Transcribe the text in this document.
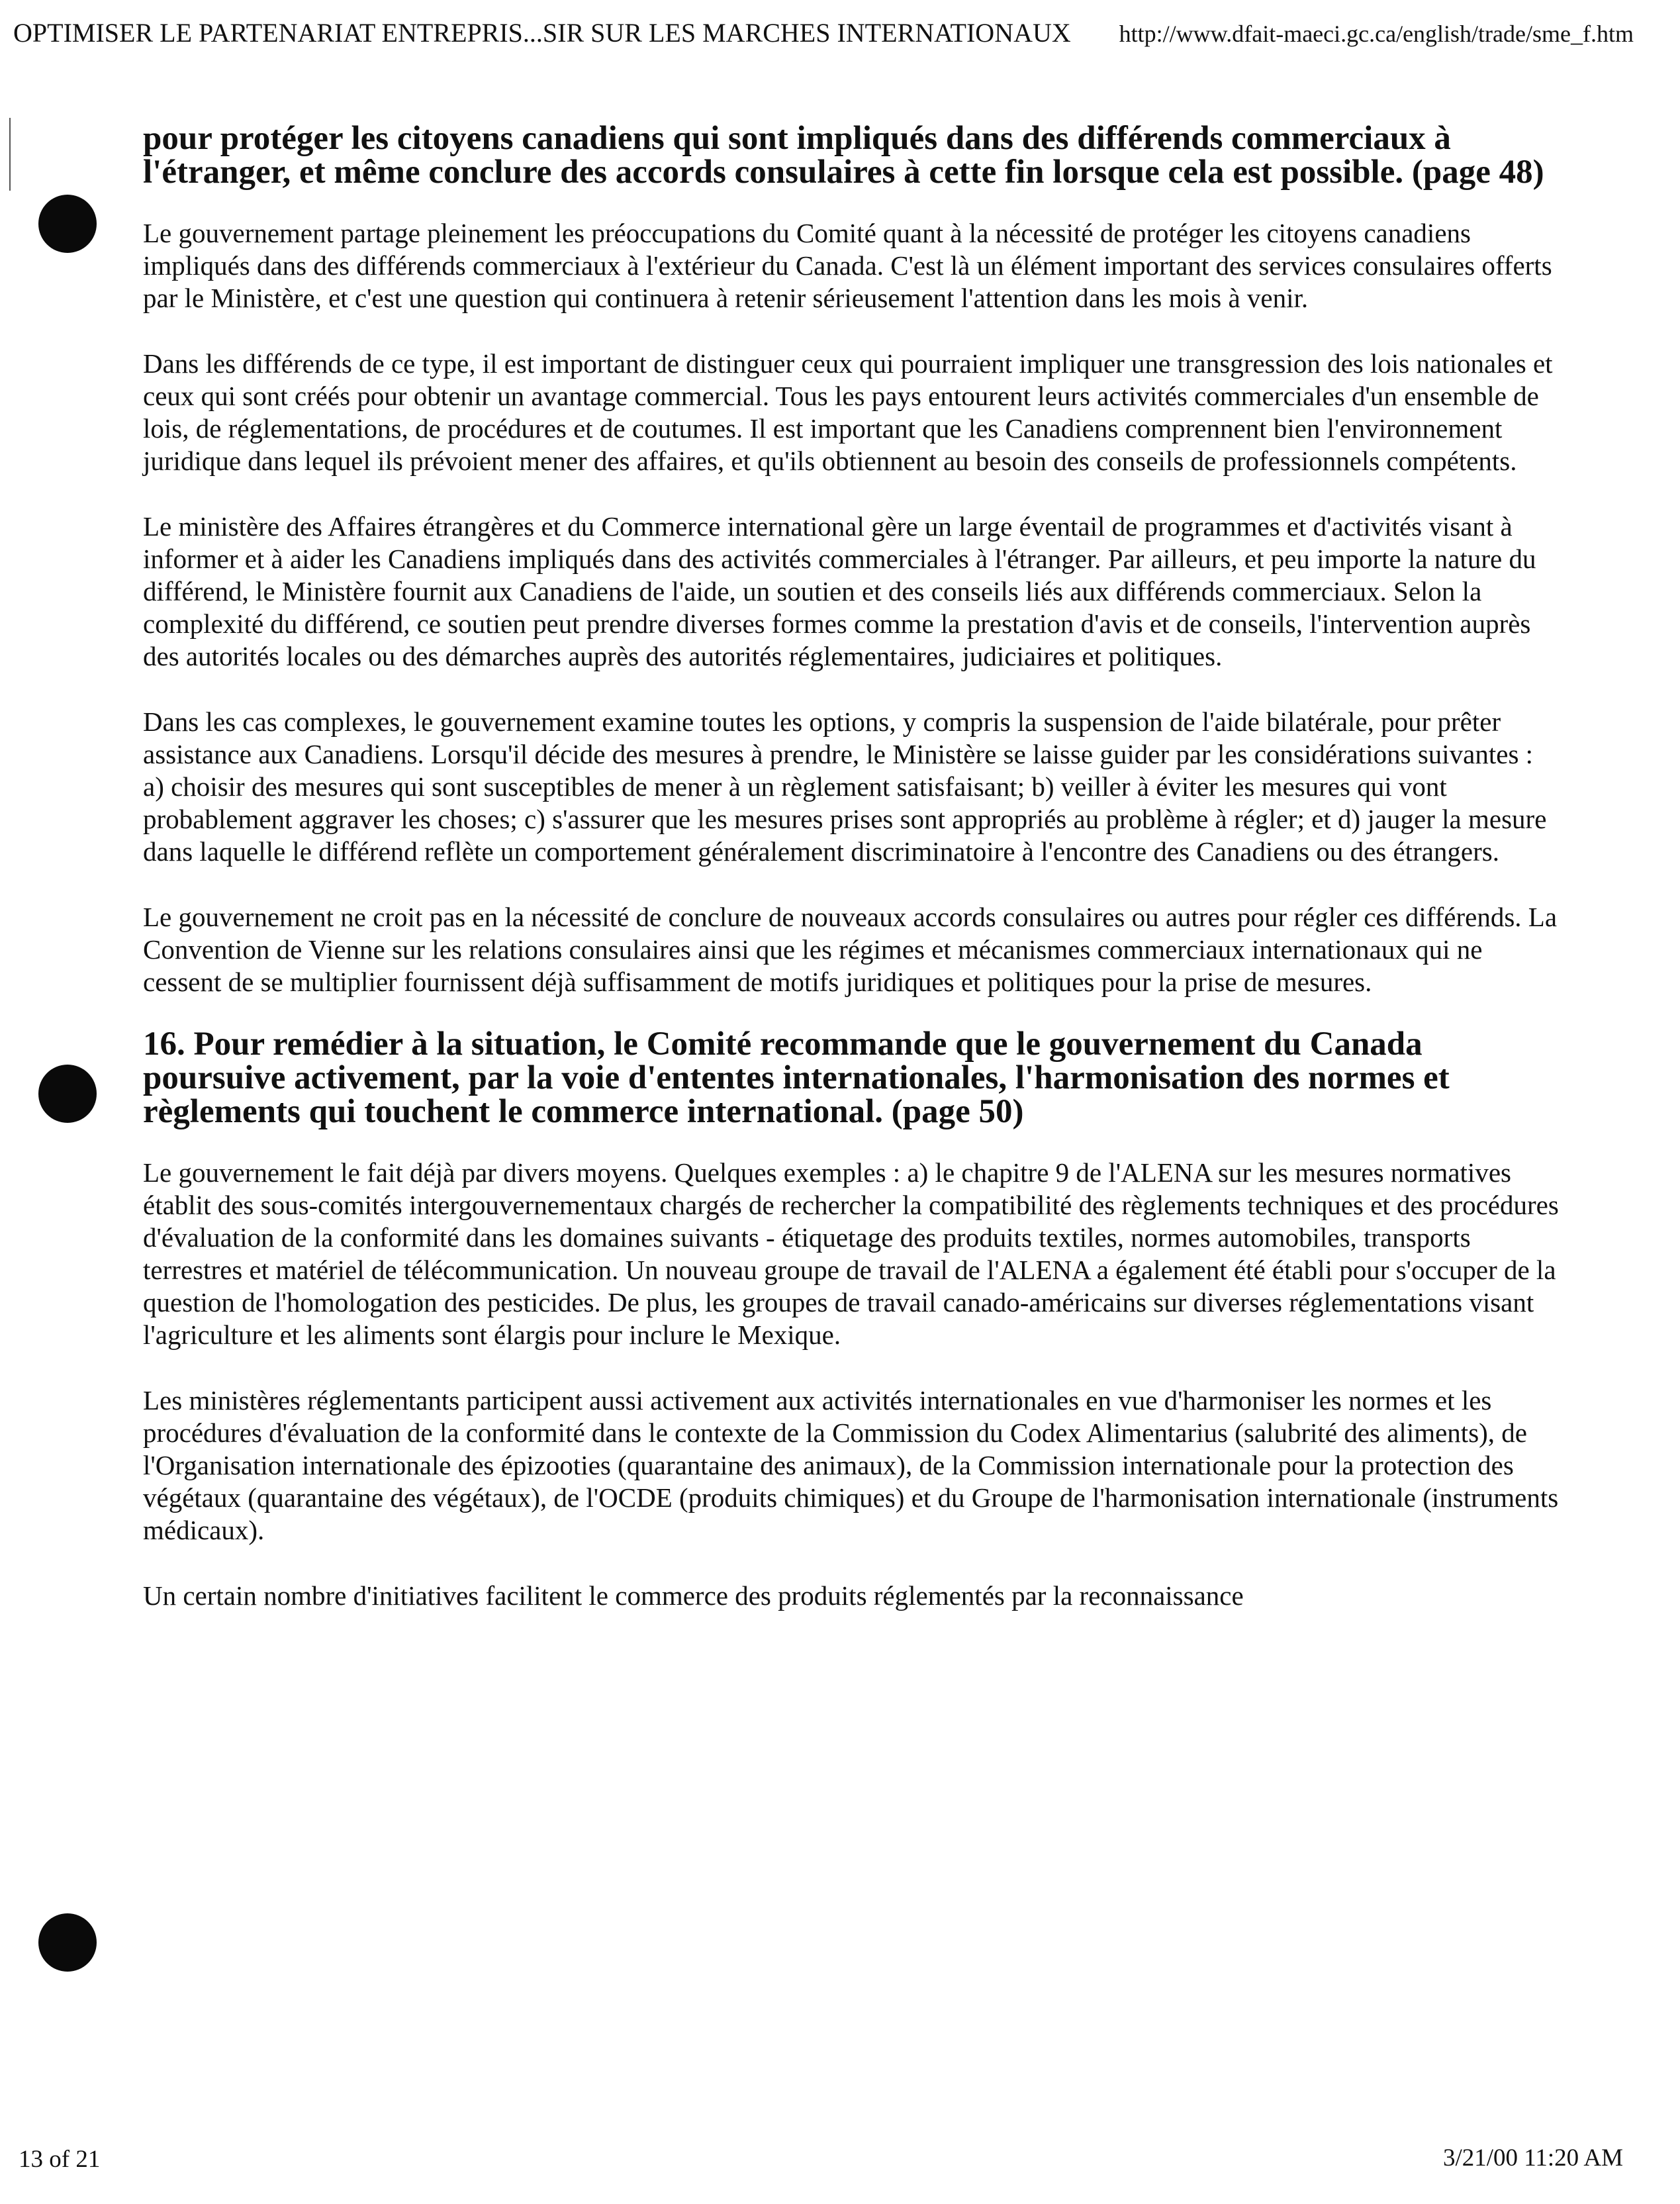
OPTIMISER LE PARTENARIAT ENTREPRIS...SIR SUR LES MARCHES INTERNATIONAUX http://www.dfait-maeci.gc.ca/english/trade/sme_f.htm

pour protéger les citoyens canadiens qui sont impliqués dans des différends commerciaux à l'étranger, et même conclure des accords consulaires à cette fin lorsque cela est possible. (page 48)

Le gouvernement partage pleinement les préoccupations du Comité quant à la nécessité de protéger les citoyens canadiens impliqués dans des différends commerciaux à l'extérieur du Canada. C'est là un élément important des services consulaires offerts par le Ministère, et c'est une question qui continuera à retenir sérieusement l'attention dans les mois à venir.

Dans les différends de ce type, il est important de distinguer ceux qui pourraient impliquer une transgression des lois nationales et ceux qui sont créés pour obtenir un avantage commercial. Tous les pays entourent leurs activités commerciales d'un ensemble de lois, de réglementations, de procédures et de coutumes. Il est important que les Canadiens comprennent bien l'environnement juridique dans lequel ils prévoient mener des affaires, et qu'ils obtiennent au besoin des conseils de professionnels compétents.

Le ministère des Affaires étrangères et du Commerce international gère un large éventail de programmes et d'activités visant à informer et à aider les Canadiens impliqués dans des activités commerciales à l'étranger. Par ailleurs, et peu importe la nature du différend, le Ministère fournit aux Canadiens de l'aide, un soutien et des conseils liés aux différends commerciaux. Selon la complexité du différend, ce soutien peut prendre diverses formes comme la prestation d'avis et de conseils, l'intervention auprès des autorités locales ou des démarches auprès des autorités réglementaires, judiciaires et politiques.

Dans les cas complexes, le gouvernement examine toutes les options, y compris la suspension de l'aide bilatérale, pour prêter assistance aux Canadiens. Lorsqu'il décide des mesures à prendre, le Ministère se laisse guider par les considérations suivantes : a) choisir des mesures qui sont susceptibles de mener à un règlement satisfaisant; b) veiller à éviter les mesures qui vont probablement aggraver les choses; c) s'assurer que les mesures prises sont appropriés au problème à régler; et d) jauger la mesure dans laquelle le différend reflète un comportement généralement discriminatoire à l'encontre des Canadiens ou des étrangers.

Le gouvernement ne croit pas en la nécessité de conclure de nouveaux accords consulaires ou autres pour régler ces différends. La Convention de Vienne sur les relations consulaires ainsi que les régimes et mécanismes commerciaux internationaux qui ne cessent de se multiplier fournissent déjà suffisamment de motifs juridiques et politiques pour la prise de mesures.

16. Pour remédier à la situation, le Comité recommande que le gouvernement du Canada poursuive activement, par la voie d'ententes internationales, l'harmonisation des normes et règlements qui touchent le commerce international. (page 50)

Le gouvernement le fait déjà par divers moyens. Quelques exemples : a) le chapitre 9 de l'ALENA sur les mesures normatives établit des sous-comités intergouvernementaux chargés de rechercher la compatibilité des règlements techniques et des procédures d'évaluation de la conformité dans les domaines suivants - étiquetage des produits textiles, normes automobiles, transports terrestres et matériel de télécommunication. Un nouveau groupe de travail de l'ALENA a également été établi pour s'occuper de la question de l'homologation des pesticides. De plus, les groupes de travail canado-américains sur diverses réglementations visant l'agriculture et les aliments sont élargis pour inclure le Mexique.

Les ministères réglementants participent aussi activement aux activités internationales en vue d'harmoniser les normes et les procédures d'évaluation de la conformité dans le contexte de la Commission du Codex Alimentarius (salubrité des aliments), de l'Organisation internationale des épizooties (quarantaine des animaux), de la Commission internationale pour la protection des végétaux (quarantaine des végétaux), de l'OCDE (produits chimiques) et du Groupe de l'harmonisation internationale (instruments médicaux).

Un certain nombre d'initiatives facilitent le commerce des produits réglementés par la reconnaissance

13 of 21	3/21/00 11:20 AM
